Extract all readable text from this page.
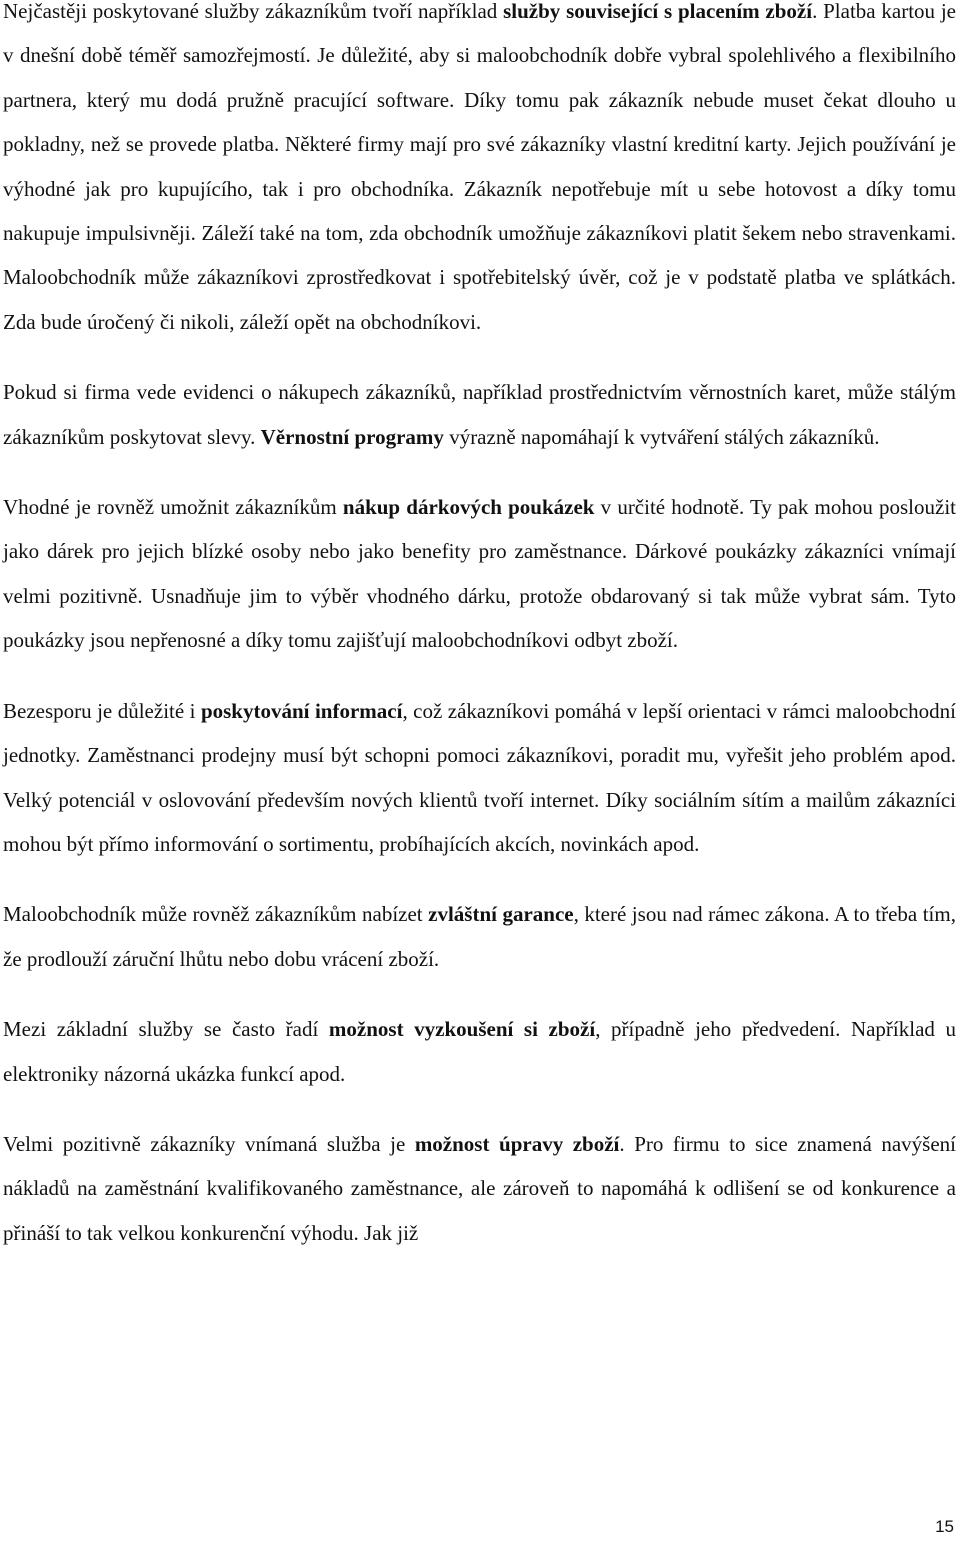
Nejčastěji poskytované služby zákazníkům tvoří například služby související s placením zboží. Platba kartou je v dnešní době téměř samozřejmostí. Je důležité, aby si maloobchodník dobře vybral spolehlivého a flexibilního partnera, který mu dodá pružně pracující software. Díky tomu pak zákazník nebude muset čekat dlouho u pokladny, než se provede platba. Některé firmy mají pro své zákazníky vlastní kreditní karty. Jejich používání je výhodné jak pro kupujícího, tak i pro obchodníka. Zákazník nepotřebuje mít u sebe hotovost a díky tomu nakupuje impulsivněji. Záleží také na tom, zda obchodník umožňuje zákazníkovi platit šekem nebo stravenkami. Maloobchodník může zákazníkovi zprostředkovat i spotřebitelský úvěr, což je v podstatě platba ve splátkách. Zda bude úročený či nikoli, záleží opět na obchodníkovi.

Pokud si firma vede evidenci o nákupech zákazníků, například prostřednictvím věrnostních karet, může stálým zákazníkům poskytovat slevy. Věrnostní programy výrazně napomáhají k vytváření stálých zákazníků.

Vhodné je rovněž umožnit zákazníkům nákup dárkových poukázek v určité hodnotě. Ty pak mohou posloužit jako dárek pro jejich blízké osoby nebo jako benefity pro zaměstnance. Dárkové poukázky zákazníci vnímají velmi pozitivně. Usnadňuje jim to výběr vhodného dárku, protože obdarovaný si tak může vybrat sám. Tyto poukázky jsou nepřenosné a díky tomu zajišťují maloobchodníkovi odbyt zboží.

Bezesporu je důležité i poskytování informací, což zákazníkovi pomáhá v lepší orientaci v rámci maloobchodní jednotky. Zaměstnanci prodejny musí být schopni pomoci zákazníkovi, poradit mu, vyřešit jeho problém apod. Velký potenciál v oslovování především nových klientů tvoří internet. Díky sociálním sítím a mailům zákazníci mohou být přímo informování o sortimentu, probíhajících akcích, novinkách apod.

Maloobchodník může rovněž zákazníkům nabízet zvláštní garance, které jsou nad rámec zákona. A to třeba tím, že prodlouží záruční lhůtu nebo dobu vrácení zboží.

Mezi základní služby se často řadí možnost vyzkoušení si zboží, případně jeho předvedení. Například u elektroniky názorná ukázka funkcí apod.

Velmi pozitivně zákazníky vnímaná služba je možnost úpravy zboží. Pro firmu to sice znamená navýšení nákladů na zaměstnání kvalifikovaného zaměstnance, ale zároveň to napomáhá k odlišení se od konkurence a přináší to tak velkou konkurenční výhodu. Jak již

15
